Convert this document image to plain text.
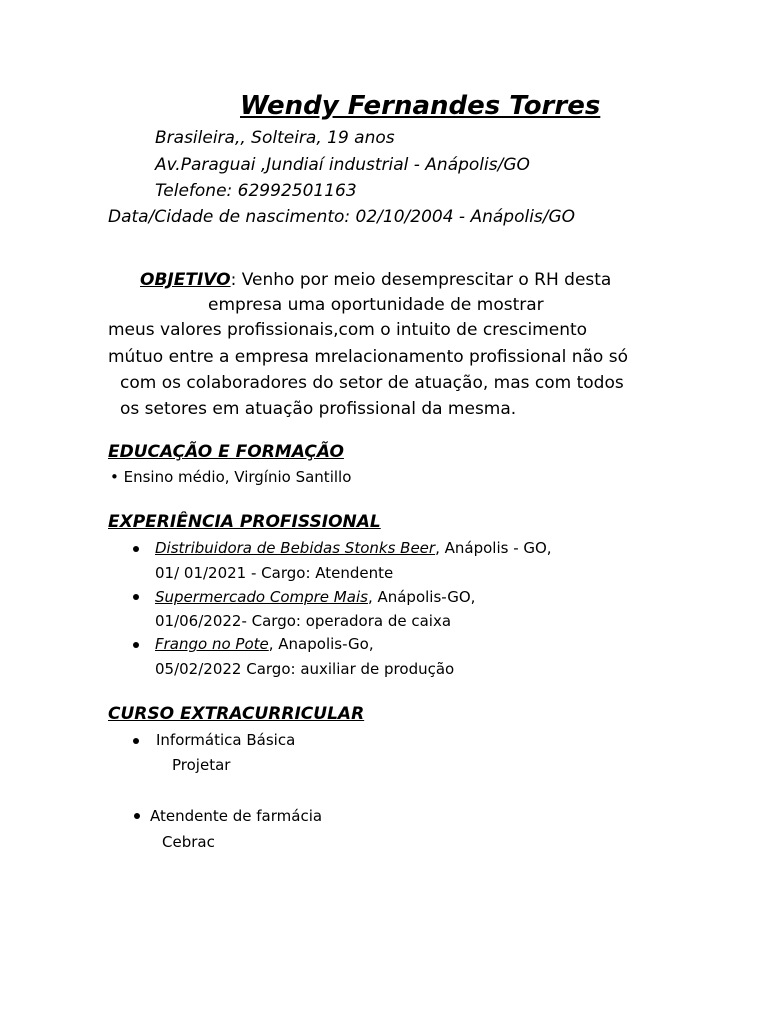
Wendy Fernandes Torres
Brasileira,, Solteira, 19 anos
Av.Paraguai ,Jundiaí industrial - Anápolis/GO
Telefone: 62992501163
Data/Cidade de nascimento: 02/10/2004 - Anápolis/GO
OBJETIVO: Venho por meio desemprescitar o RH desta
empresa uma oportunidade de mostrar
meus valores profissionais,com o intuito de crescimento
mútuo entre a empresa mrelacionamento profissional não só
com os colaboradores do setor de atuação, mas com todos
os setores em atuação profissional da mesma.
EDUCAÇÃO E FORMAÇÃO
• Ensino médio, Virgínio Santillo
EXPERIÊNCIA PROFISSIONAL
Distribuidora de Bebidas Stonks Beer, Anápolis - GO,
01/ 01/2021 - Cargo: Atendente
Supermercado Compre Mais, Anápolis-GO,
01/06/2022- Cargo: operadora de caixa
Frango no Pote, Anapolis-Go,
05/02/2022 Cargo: auxiliar de produção
CURSO EXTRACURRICULAR
Informática Básica
Projetar
Atendente de farmácia
Cebrac
